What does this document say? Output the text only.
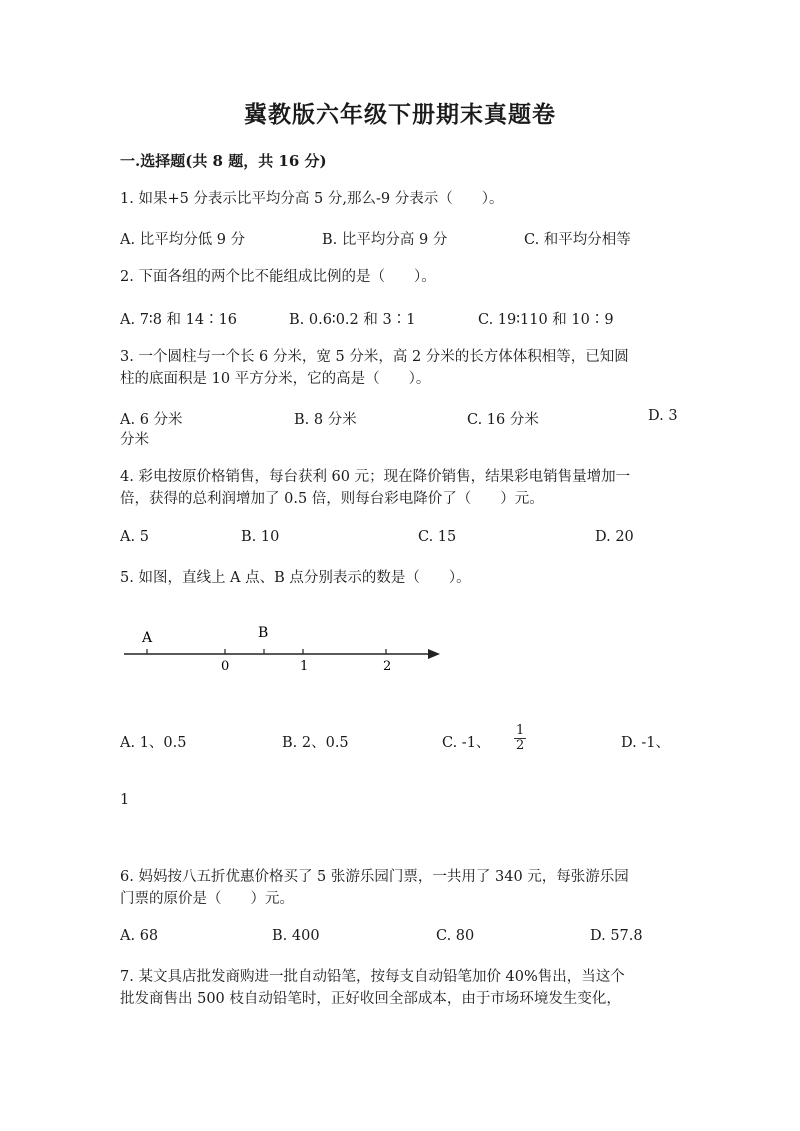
冀教版六年级下册期末真题卷
一.选择题(共 8 题，共 16 分)
1. 如果+5 分表示比平均分高 5 分,那么-9 分表示（　　）。
A. 比平均分低 9 分	B. 比平均分高 9 分	C. 和平均分相等
2. 下面各组的两个比不能组成比例的是（　　）。
A. 7∶8 和 14∶16	B. 0.6∶0.2 和 3∶1	C. 19∶110 和 10∶9
3. 一个圆柱与一个长 6 分米，宽 5 分米，高 2 分米的长方体体积相等，已知圆
柱的底面积是 10 平方分米，它的高是（　　）。
A. 6 分米	B. 8 分米	C. 16 分米	D. 3
分米
4. 彩电按原价格销售，每台获利 60 元；现在降价销售，结果彩电销售量增加一
倍，获得的总利润增加了 0.5 倍，则每台彩电降价了（　　）元。
A. 5	B. 10	C. 15	D. 20
5. 如图，直线上 A 点、B 点分别表示的数是（　　）。
A	B
0	1	2
A. 1、0.5	B. 2、0.5	C. -1、 $\frac{1}{2}$	D. -1、
1
6. 妈妈按八五折优惠价格买了 5 张游乐园门票，一共用了 340 元，每张游乐园
门票的原价是（　　）元。
A. 68	B. 400	C. 80	D. 57.8
7. 某文具店批发商购进一批自动铅笔，按每支自动铅笔加价 40%售出，当这个
批发商售出 500 枝自动铅笔时，正好收回全部成本，由于市场环境发生变化，
